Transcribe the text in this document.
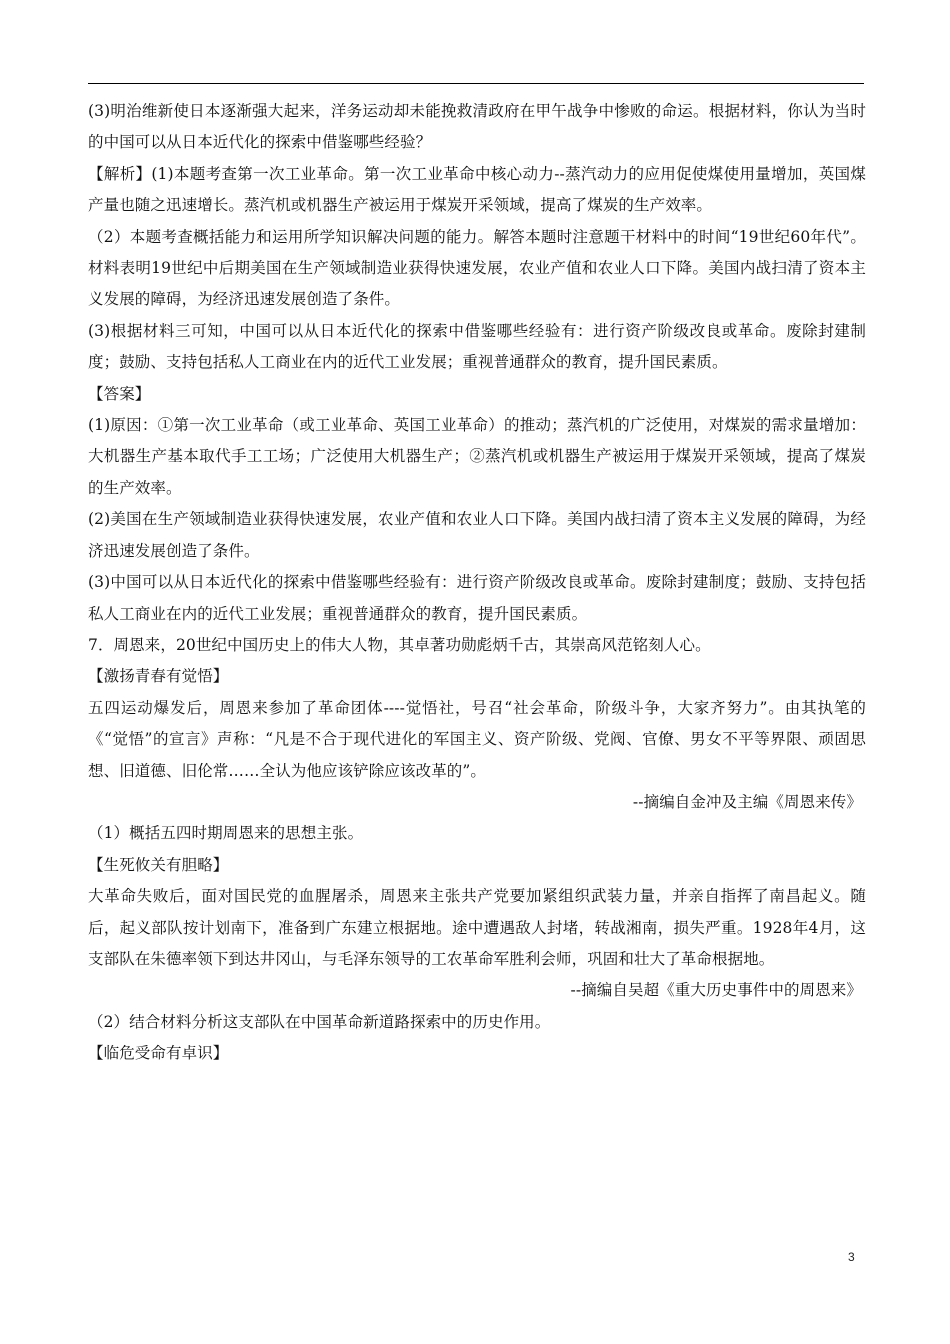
(3)明治维新使日本逐渐强大起来，洋务运动却未能挽救清政府在甲午战争中惨败的命运。根据材料，你认为当时的中国可以从日本近代化的探索中借鉴哪些经验？

【解析】(1)本题考查第一次工业革命。第一次工业革命中核心动力--蒸汽动力的应用促使煤使用量增加，英国煤产量也随之迅速增长。蒸汽机或机器生产被运用于煤炭开采领域，提高了煤炭的生产效率。

（2）本题考查概括能力和运用所学知识解决问题的能力。解答本题时注意题干材料中的时间“19世纪60年代”。材料表明19世纪中后期美国在生产领域制造业获得快速发展，农业产值和农业人口下降。美国内战扫清了资本主义发展的障碍，为经济迅速发展创造了条件。

(3)根据材料三可知，中国可以从日本近代化的探索中借鉴哪些经验有：进行资产阶级改良或革命。废除封建制度；鼓励、支持包括私人工商业在内的近代工业发展；重视普通群众的教育，提升国民素质。

【答案】

(1)原因：①第一次工业革命（或工业革命、英国工业革命）的推动；蒸汽机的广泛使用，对煤炭的需求量增加：大机器生产基本取代手工工场；广泛使用大机器生产；②蒸汽机或机器生产被运用于煤炭开采领域，提高了煤炭的生产效率。

(2)美国在生产领域制造业获得快速发展，农业产值和农业人口下降。美国内战扫清了资本主义发展的障碍，为经济迅速发展创造了条件。

(3)中国可以从日本近代化的探索中借鉴哪些经验有：进行资产阶级改良或革命。废除封建制度；鼓励、支持包括私人工商业在内的近代工业发展；重视普通群众的教育，提升国民素质。

7．周恩来，20世纪中国历史上的伟大人物，其卓著功勋彪炳千古，其崇高风范铭刻人心。

【激扬青春有觉悟】

五四运动爆发后，周恩来参加了革命团体----觉悟社，号召“社会革命，阶级斗争，大家齐努力”。由其执笔的《“觉悟”的宣言》声称：“凡是不合于现代进化的军国主义、资产阶级、党阀、官僚、男女不平等界限、顽固思想、旧道德、旧伦常……全认为他应该铲除应该改革的”。

--摘编自金冲及主编《周恩来传》

（1）概括五四时期周恩来的思想主张。

【生死攸关有胆略】

大革命失败后，面对国民党的血腥屠杀，周恩来主张共产党要加紧组织武装力量，并亲自指挥了南昌起义。随后，起义部队按计划南下，准备到广东建立根据地。途中遭遇敌人封堵，转战湘南，损失严重。1928年4月，这支部队在朱德率领下到达井冈山，与毛泽东领导的工农革命军胜利会师，巩固和壮大了革命根据地。

--摘编自吴超《重大历史事件中的周恩来》

（2）结合材料分析这支部队在中国革命新道路探索中的历史作用。

【临危受命有卓识】

3
